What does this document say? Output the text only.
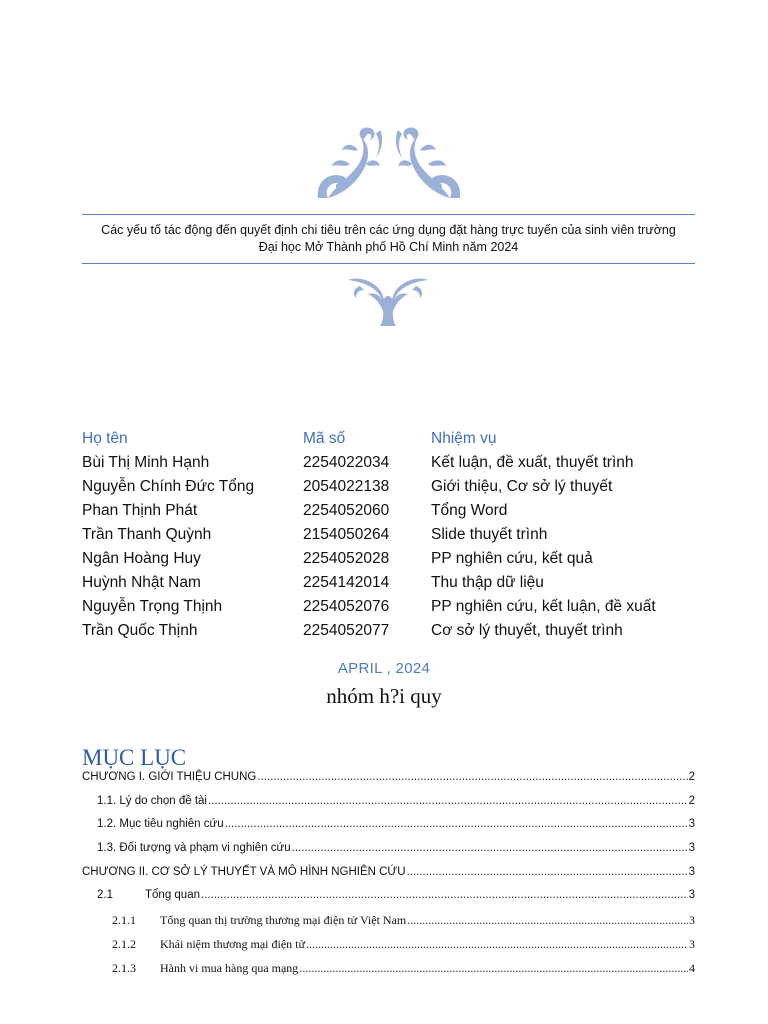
Các yếu tố tác động đến quyết định chi tiêu trên các ứng dụng đặt hàng trực tuyến của sinh viên trường
Đại học Mở Thành phố Hồ Chí Minh năm 2024
Họ tên	Mã số	Nhiệm vụ
Bùi Thị Minh Hạnh	2254022034	Kết luận, đề xuất, thuyết trình
Nguyễn Chính Đức Tổng	2054022138	Giới thiệu, Cơ sở lý thuyết
Phan Thịnh Phát	2254052060	Tổng Word
Trần Thanh Quỳnh	2154050264	Slide thuyết trình
Ngân Hoàng Huy	2254052028	PP nghiên cứu, kết quả
Huỳnh Nhật Nam	2254142014	Thu thập dữ liệu
Nguyễn Trọng Thịnh	2254052076	PP nghiên cứu, kết luận, đề xuất
Trần Quốc Thịnh	2254052077	Cơ sở lý thuyết, thuyết trình
APRIL , 2024
nhóm h?i quy
MỤC LỤC
CHƯƠNG I. GIỚI THIỆU CHUNG .....	2
1.1. Lý do chọn đề tài .....	2
1.2. Mục tiêu nghiên cứu .....	3
1.3. Đối tượng và phạm vi nghiên cứu .....	3
CHƯƠNG II. CƠ SỞ LÝ THUYẾT VÀ MÔ HÌNH NGHIÊN CỨU .....	3
2.1	Tổng quan .....	3
2.1.1	Tổng quan thị trường thương mại điện tử Việt Nam .....	3
2.1.2	Khái niệm thương mại điện tử .....	3
2.1.3	Hành vi mua hàng qua mạng .....	4
